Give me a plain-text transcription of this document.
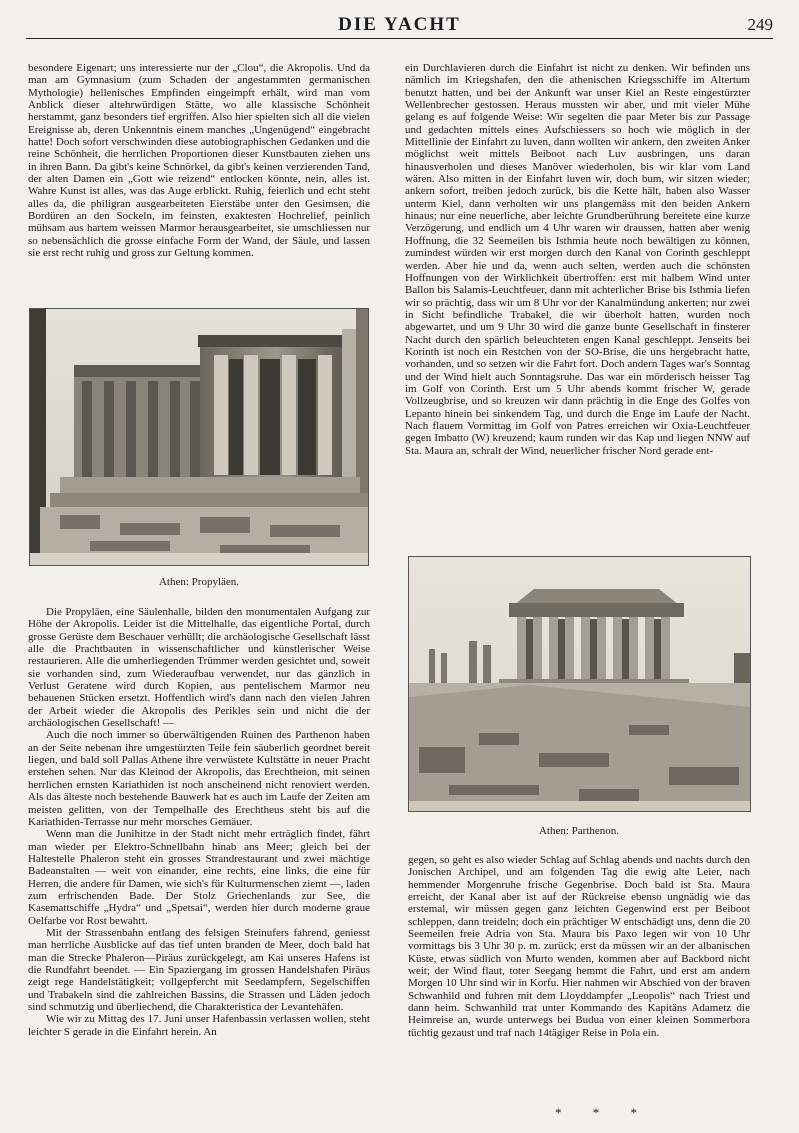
DIE YACHT	249

besondere Eigenart; uns interessierte nur der „Clou“, die Akropolis. Und da man am Gymnasium (zum Schaden der angestammten germanischen Mythologie) hellenisches Empfinden eingeimpft erhält, wird man vom Anblick dieser altehrwürdigen Stätte, wo alle klassische Schönheit herstammt, ganz besonders tief ergriffen. Also hier spielten sich all die vielen Ereignisse ab, deren Unkenntnis einem manches „Ungenügend“ eingebracht hatte! Doch sofort verschwinden diese autobiographischen Gedanken und die reine Schönheit, die herrlichen Proportionen dieser Kunstbauten ziehen uns in ihren Bann. Da gibt's keine Schnörkel, da gibt's keinen verzierenden Tand, der alten Damen ein „Gott wie reizend“ entlocken könnte, nein, alles ist. Wahre Kunst ist alles, was das Auge erblickt. Ruhig, feierlich und echt steht alles da, die philigran ausgearbeiteten Eierstäbe unter den Gesimsen, die Bordüren an den Sockeln, im feinsten, exaktesten Hochrelief, peinlich mühsam aus hartem weissen Marmor herausgearbeitet, sie umschliessen nur so nebensächlich die grosse einfache Form der Wand, der Säule, und lassen sie erst recht ruhig und gross zur Geltung kommen.

Athen: Propyläen.

Die Propyläen, eine Säulenhalle, bilden den monumentalen Aufgang zur Höhe der Akropolis. Leider ist die Mittelhalle, das eigentliche Portal, durch grosse Gerüste dem Beschauer verhüllt; die archäologische Gesellschaft lässt alle die Prachtbauten in wissenschaftlicher und künstlerischer Weise restaurieren. Alle die umherliegenden Trümmer werden gesichtet und, soweit sie vorhanden sind, zum Wiederaufbau verwendet, nur das gänzlich in Verlust Geratene wird durch Kopien, aus pentelischem Marmor neu behauenen Stücken ersetzt. Hoffentlich wird's dann nach den vielen Jahren der Arbeit wieder die Akropolis des Perikles sein und nicht die der archäologischen Gesellschaft! —

Auch die noch immer so überwältigenden Ruinen des Parthenon haben an der Seite nebenan ihre umgestürzten Teile fein säuberlich geordnet bereit liegen, und bald soll Pallas Athene ihre verwüstete Kultstätte in neuer Pracht erstehen sehen. Nur das Kleinod der Akropolis, das Erechtheion, mit seinen herrlichen ernsten Kariathiden ist noch anscheinend nicht renoviert werden. Als das älteste noch bestehende Bauwerk hat es auch im Laufe der Zeiten am meisten gelitten, von der Tempelhalle des Erechtheus steht bis auf die Kariathiden-Terrasse nur mehr morsches Gemäuer.

Wenn man die Junihitze in der Stadt nicht mehr erträglich findet, fährt man wieder per Elektro-Schnellbahn hinab ans Meer; gleich bei der Haltestelle Phaleron steht ein grosses Strandrestaurant und zwei mächtige Badeanstalten — weit von einander, eine rechts, eine links, die eine für Herren, die andere für Damen, wie sich's für Kulturmenschen ziemt —, laden zum erfrischenden Bade. Der Stolz Griechenlands zur See, die Kasemattschiffe „Hydra“ und „Spetsai“, werden hier durch moderne graue Oelfarbe vor Rost bewahrt.

Mit der Strassenbahn entlang des felsigen Steinufers fahrend, geniesst man herrliche Ausblicke auf das tief unten branden de Meer, doch bald hat man die Strecke Phaleron—Piräus zurückgelegt, am Kai unseres Hafens ist die Rundfahrt beendet. — Ein Spaziergang im grossen Handelshafen Piräus zeigt rege Handelstätigkeit; vollgepfercht mit Seedampfern, Segelschiffen und Trabakeln sind die zahlreichen Bassins, die Strassen und Läden jedoch sind schmutzig und überliechend, die Charakteristica der Levantehäfen.

Wie wir zu Mittag des 17. Juni unser Hafenbassin verlassen wollen, steht leichter S gerade in die Einfahrt herein. An

ein Durchlavieren durch die Einfahrt ist nicht zu denken. Wir befinden uns nämlich im Kriegshafen, den die athenischen Kriegsschiffe im Altertum benutzt hatten, und bei der Ankunft war unser Kiel an Reste eingestürzter Wellenbrecher gestossen. Heraus mussten wir aber, und mit vieler Mühe gelang es auf folgende Weise: Wir segelten die paar Meter bis zur Passage und gedachten mittels eines Aufschiessers so hoch wie möglich in der Mittellinie der Einfahrt zu luven, dann wollten wir ankern, den zweiten Anker möglichst weit mittels Beiboot nach Luv ausbringen, uns daran hinausverholen und dieses Manöver wiederholen, bis wir klar vom Land wären. Also mitten in der Einfahrt luven wir, doch bum, wir sitzen wieder; ankern sofort, treiben jedoch zurück, bis die Kette hält, haben also Wasser unterm Kiel, dann verholten wir uns plangemäss mit den beiden Ankern hinaus; nur eine neuerliche, aber leichte Grundberührung bereitete eine kurze Verzögerung, und endlich um 4 Uhr waren wir draussen, hatten aber wenig Hoffnung, die 32 Seemeilen bis Isthmia heute noch bewältigen zu können, zumindest würden wir erst morgen durch den Kanal von Corinth geschleppt werden. Aber hie und da, wenn auch selten, werden auch die schönsten Hoffnungen von der Wirklichkeit übertroffen: erst mit halbem Wind unter Ballon bis Salamis-Leuchtfeuer, dann mit achterlicher Brise bis Isthmia liefen wir so prächtig, dass wir um 8 Uhr vor der Kanalmündung ankerten; nur zwei in Sicht befindliche Trabakel, die wir überholt hatten, wurden noch abgewartet, und um 9 Uhr 30 wird die ganze bunte Gesellschaft in finsterer Nacht durch den spärlich beleuchteten engen Kanal geschleppt. Jenseits bei Korinth ist noch ein Restchen von der SO-Brise, die uns hergebracht hatte, vorhanden, und so setzen wir die Fahrt fort. Doch andern Tages war's Sonntag und der Wind hielt auch Sonntagsruhe. Das war ein mörderisch heisser Tag im Golf von Corinth. Erst um 5 Uhr abends kommt frischer W, gerade Vollzeugbrise, und so kreuzen wir dann prächtig in die Enge des Golfes von Lepanto hinein bei sinkendem Tag, und durch die Enge im Laufe der Nacht. Nach flauem Vormittag im Golf von Patres erreichen wir Oxia-Leuchtfeuer gegen Imbatto (W) kreuzend; kaum runden wir das Kap und liegen NNW auf Sta. Maura an, schralt der Wind, neuerlicher frischer Nord gerade ent-

Athen: Parthenon.

gegen, so geht es also wieder Schlag auf Schlag abends und nachts durch den Jonischen Archipel, und am folgenden Tag die ewig alte Leier, nach hemmender Morgenruhe frische Gegenbrise. Doch bald ist Sta. Maura erreicht, der Kanal aber ist auf der Rückreise ebenso ungnädig wie das erstemal, wir müssen gegen ganz leichten Gegenwind erst per Beiboot schleppen, dann treideln; doch ein prächtiger W entschädigt uns, denn die 20 Seemeilen freie Adria von Sta. Maura bis Paxo legen wir von 10 Uhr vormittags bis 3 Uhr 30 p. m. zurück; erst da müssen wir an der albanischen Küste, etwas südlich von Murto wenden, kommen aber auf Backbord nicht weit; der Wind flaut, toter Seegang hemmt die Fahrt, und erst am andern Morgen 10 Uhr sind wir in Korfu. Hier nahmen wir Abschied von der braven Schwanhild und fuhren mit dem Lloyddampfer „Leopolis“ nach Triest und dann heim. Schwanhild trat unter Kommando des Kapitäns Adametz die Heimreise an, wurde unterwegs bei Budua von einer kleinen Sommerbora tüchtig gezaust und traf nach 14tägiger Reise in Pola ein.

* * *
